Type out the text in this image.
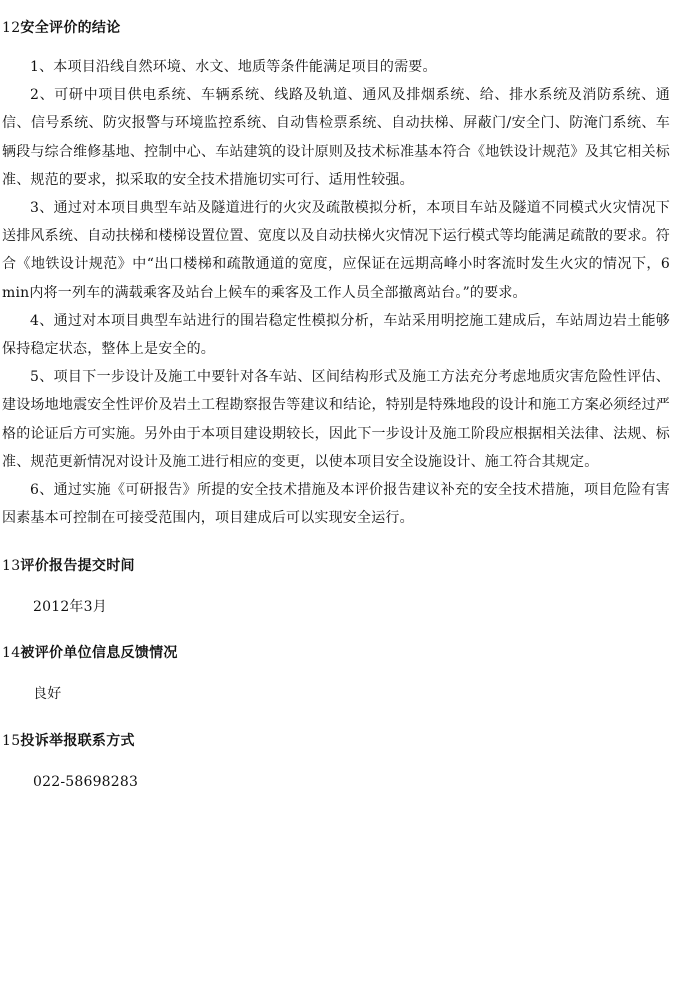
12安全评价的结论

1、本项目沿线自然环境、水文、地质等条件能满足项目的需要。

2、可研中项目供电系统、车辆系统、线路及轨道、通风及排烟系统、给、排水系统及消防系统、通信、信号系统、防灾报警与环境监控系统、自动售检票系统、自动扶梯、屏蔽门/安全门、防淹门系统、车辆段与综合维修基地、控制中心、车站建筑的设计原则及技术标准基本符合《地铁设计规范》及其它相关标准、规范的要求，拟采取的安全技术措施切实可行、适用性较强。

3、通过对本项目典型车站及隧道进行的火灾及疏散模拟分析，本项目车站及隧道不同模式火灾情况下送排风系统、自动扶梯和楼梯设置位置、宽度以及自动扶梯火灾情况下运行模式等均能满足疏散的要求。符合《地铁设计规范》中“出口楼梯和疏散通道的宽度，应保证在远期高峰小时客流时发生火灾的情况下，6min内将一列车的满载乘客及站台上候车的乘客及工作人员全部撤离站台。”的要求。

4、通过对本项目典型车站进行的围岩稳定性模拟分析，车站采用明挖施工建成后，车站周边岩土能够保持稳定状态，整体上是安全的。

5、项目下一步设计及施工中要针对各车站、区间结构形式及施工方法充分考虑地质灾害危险性评估、建设场地地震安全性评价及岩土工程勘察报告等建议和结论，特别是特殊地段的设计和施工方案必须经过严格的论证后方可实施。另外由于本项目建设期较长，因此下一步设计及施工阶段应根据相关法律、法规、标准、规范更新情况对设计及施工进行相应的变更，以使本项目安全设施设计、施工符合其规定。

6、通过实施《可研报告》所提的安全技术措施及本评价报告建议补充的安全技术措施，项目危险有害因素基本可控制在可接受范围内，项目建成后可以实现安全运行。

13评价报告提交时间

2012年3月

14被评价单位信息反馈情况

良好

15投诉举报联系方式

022-58698283
